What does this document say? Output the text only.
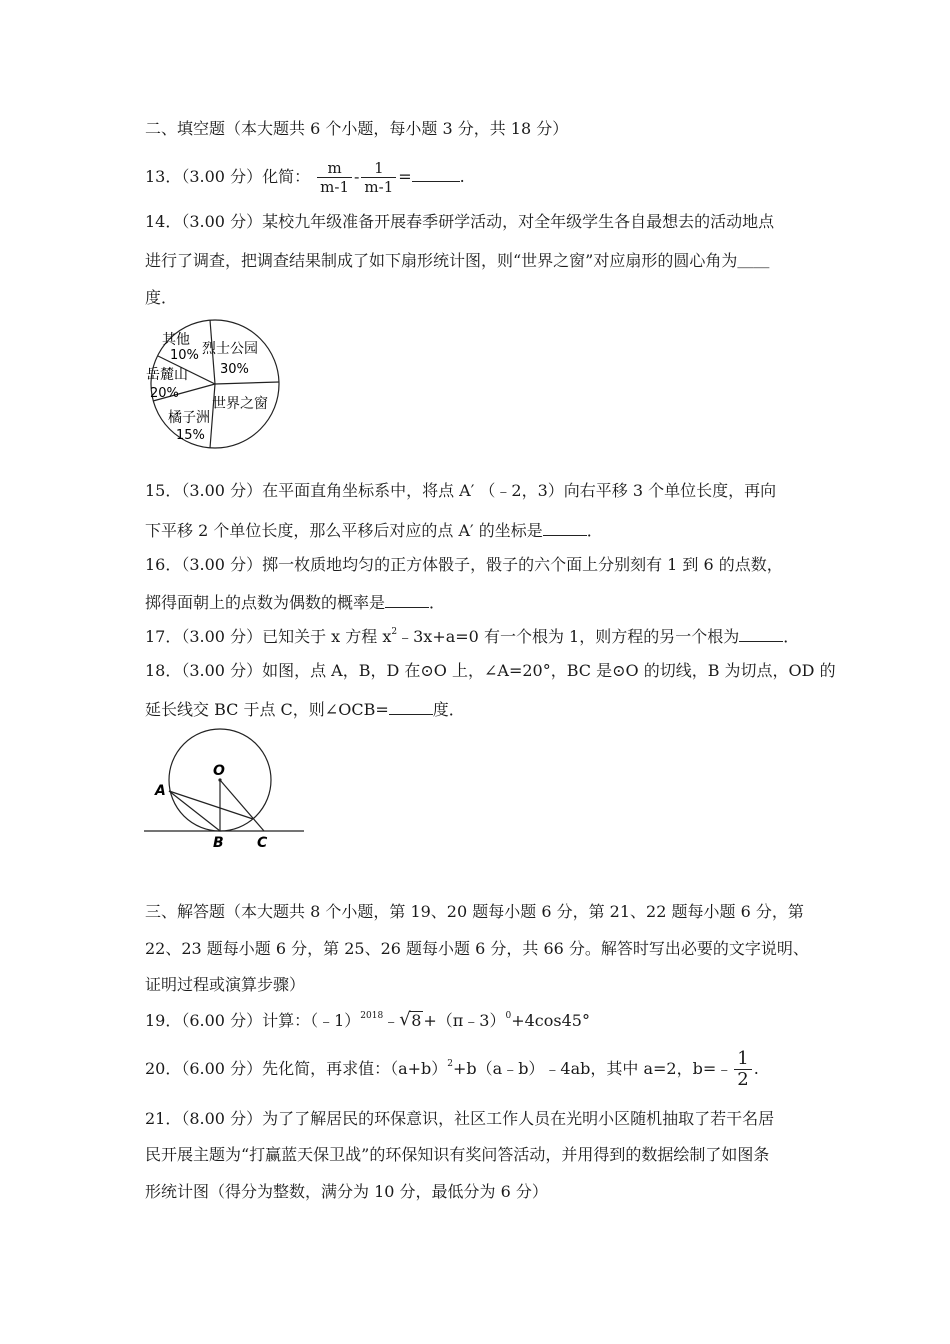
二、填空题（本大题共 6 个小题，每小题 3 分，共 18 分）
13．（3.00 分）化简： $\frac{m}{m-1} - \frac{1}{m-1}$ =	.
14．（3.00 分）某校九年级准备开展春季研学活动，对全年级学生各自最想去的活动地点
进行了调查，把调查结果制成了如下扇形统计图，则“世界之窗”对应扇形的圆心角为＿＿
度．
其他
10% 烈士公园
30%
岳麓山
20%
橘子洲
15%
世界之窗
15．（3.00 分）在平面直角坐标系中，将点 A′ （﹣2，3）向右平移 3 个单位长度，再向
下平移 2 个单位长度，那么平移后对应的点 A′ 的坐标是	．
16．（3.00 分）掷一枚质地均匀的正方体骰子，骰子的六个面上分别刻有 1 到 6 的点数，
掷得面朝上的点数为偶数的概率是	．
17．（3.00 分）已知关于 x 方程 $x^2﹣3x+a=0$ 有一个根为 1，则方程的另一个根为	．
18．（3.00 分）如图，点 A，B，D 在⊙O 上，∠A=20°，BC 是⊙O 的切线，B 为切点，OD 的
延长线交 BC 于点 C，则∠OCB=	度．
O
A
B C
三、解答题（本大题共 8 个小题，第 19、20 题每小题 6 分，第 21、22 题每小题 6 分，第
22、23 题每小题 6 分，第 25、26 题每小题 6 分，共 66 分。解答时写出必要的文字说明、
证明过程或演算步骤）
19．（6.00 分）计算：（﹣1）$^{2018}$﹣ √ 8 +（π﹣3）$^0$+4cos45°
20．（6.00 分）先化简，再求值：$(a+b)^2+b(a﹣b)﹣4ab$，其中 a=2，b=﹣ $\frac{1}{2}$ .
21．（8.00 分）为了了解居民的环保意识，社区工作人员在光明小区随机抽取了若干名居
民开展主题为“打赢蓝天保卫战”的环保知识有奖问答活动，并用得到的数据绘制了如图条
形统计图（得分为整数，满分为 10 分，最低分为 6 分）
